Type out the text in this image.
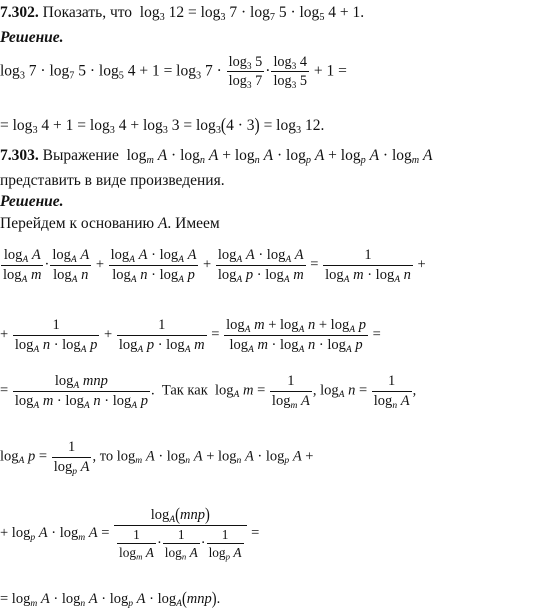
7.302. Показать, что  $\log_3 12 = \log_3 7 \cdot \log_7 5 \cdot \log_5 4 + 1$.
Решение.
$\log_3 7 \cdot \log_7 5 \cdot \log_5 4 + 1 = \log_3 7 \cdot \frac{\log_3 5}{\log_3 7} \cdot \frac{\log_3 4}{\log_3 5} + 1$ =
= $\log_3 4 + 1 = \log_3 4 + \log_3 3 = \log_3(4 \cdot 3) = \log_3 12$.
7.303. Выражение $\log_m A \cdot \log_n A + \log_n A \cdot \log_p A + \log_p A \cdot \log_m A$
представить в виде произведения.
Решение.
Перейдем к основанию A. Имеем
$\frac{\log_A A}{\log_A m} \cdot \frac{\log_A A}{\log_A n} + \frac{\log_A A \cdot \log_A A}{\log_A n \cdot \log_A p} + \frac{\log_A A \cdot \log_A A}{\log_A p \cdot \log_A m} = \frac{1}{\log_A m \cdot \log_A n}$ +
+ $\frac{1}{\log_A n \cdot \log_A p} + \frac{1}{\log_A p \cdot \log_A m} = \frac{\log_A m + \log_A n + \log_A p}{\log_A m \cdot \log_A n \cdot \log_A p}$ =
= $\frac{\log_A mnp}{\log_A m \cdot \log_A n \cdot \log_A p}$ .  Так как  $\log_A m = \frac{1}{\log_m A}$ , $\log_A n = \frac{1}{\log_n A}$ ,
$\log_A p = \frac{1}{\log_p A}$ , то $\log_m A \cdot \log_n A + \log_n A \cdot \log_p A$ +
+ $\log_p A \cdot \log_m A = \frac{\log_A(mnp)}{\frac{1}{\log_m A} \cdot \frac{1}{\log_n A} \cdot \frac{1}{\log_p A}}$ =
= $\log_m A \cdot \log_n A \cdot \log_p A \cdot \log_A(mnp)$.
